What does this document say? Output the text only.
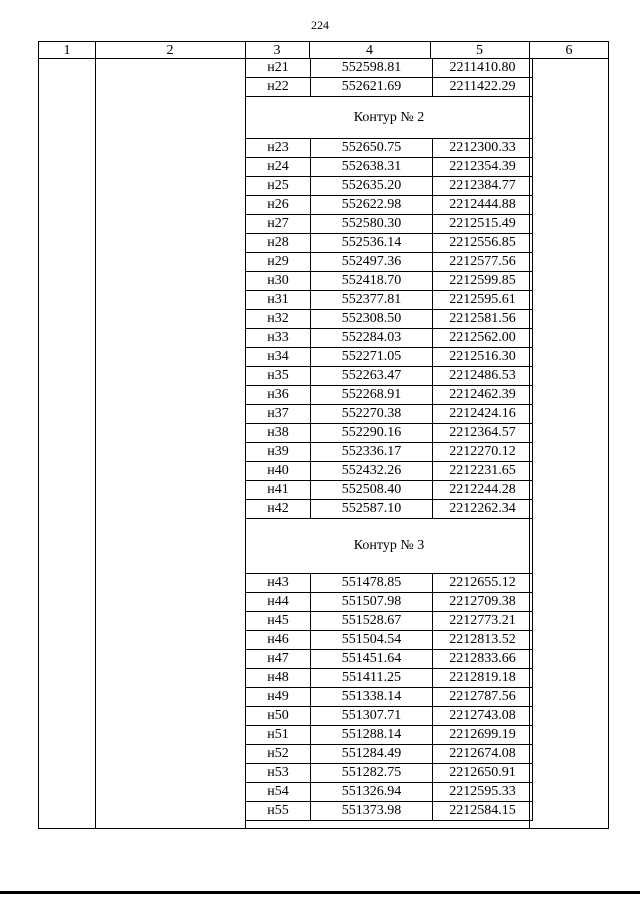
224
1	2	3	4	5	6
н21	552598.81	2211410.80
н22	552621.69	2211422.29
Контур № 2		
н23	552650.75	2212300.33
н24	552638.31	2212354.39
н25	552635.20	2212384.77
н26	552622.98	2212444.88
н27	552580.30	2212515.49
н28	552536.14	2212556.85
н29	552497.36	2212577.56
н30	552418.70	2212599.85
н31	552377.81	2212595.61
н32	552308.50	2212581.56
н33	552284.03	2212562.00
н34	552271.05	2212516.30
н35	552263.47	2212486.53
н36	552268.91	2212462.39
н37	552270.38	2212424.16
н38	552290.16	2212364.57
н39	552336.17	2212270.12
н40	552432.26	2212231.65
н41	552508.40	2212244.28
н42	552587.10	2212262.34
Контур № 3		
н43	551478.85	2212655.12
н44	551507.98	2212709.38
н45	551528.67	2212773.21
н46	551504.54	2212813.52
н47	551451.64	2212833.66
н48	551411.25	2212819.18
н49	551338.14	2212787.56
н50	551307.71	2212743.08
н51	551288.14	2212699.19
н52	551284.49	2212674.08
н53	551282.75	2212650.91
н54	551326.94	2212595.33
н55	551373.98	2212584.15
